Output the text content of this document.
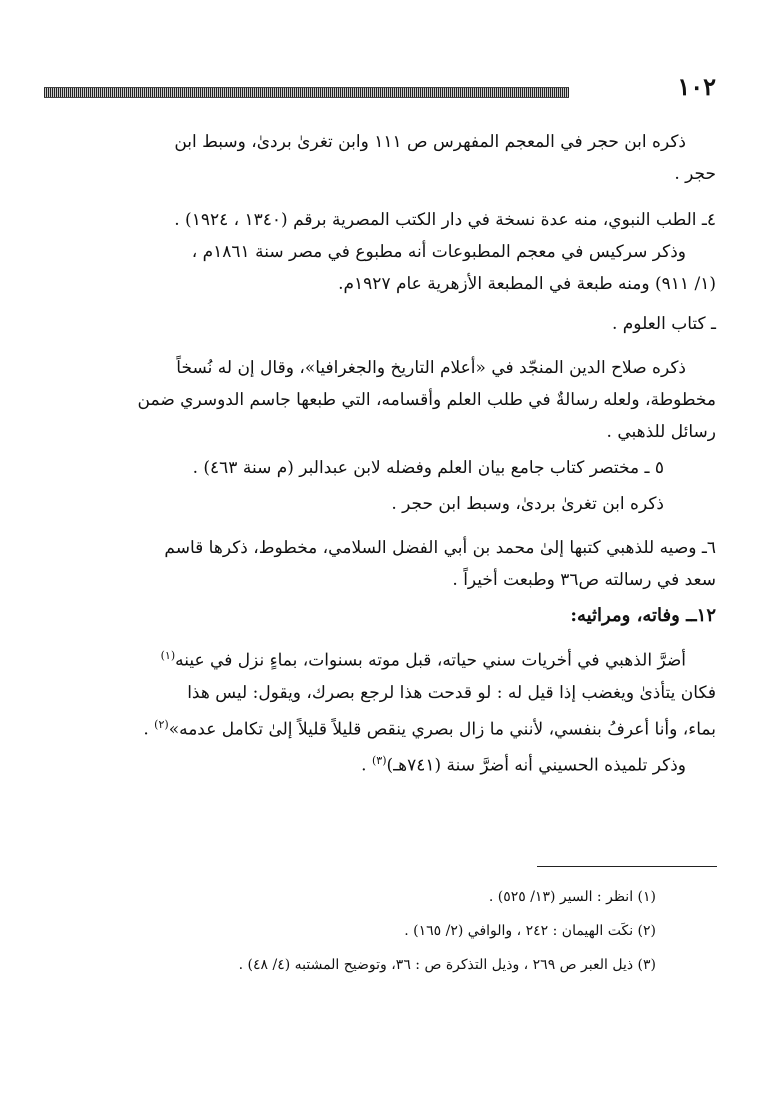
١٠٢
ذكره ابن حجر في المعجم المفهرس ص ١١١ وابن تغرىٰ بردىٰ، وسبط ابن
حجر .
٤ـ الطب النبوي، منه عدة نسخة في دار الكتب المصرية برقم (١٣٤٠ ، ١٩٢٤) .
وذكر سركيس في معجم المطبوعات أنه مطبوع في مصر سنة ١٨٦١م ،
(١/ ٩١١) ومنه طبعة في المطبعة الأزهرية عام ١٩٢٧م.
ـ كتاب العلوم .
ذكره صلاح الدين المنجّد في «أعلام التاريخ والجغرافيا»، وقال إن له نُسخاً
مخطوطة، ولعله رسالةٌ في طلب العلم وأقسامه، التي طبعها جاسم الدوسري ضمن
رسائل للذهبي .
٥ ـ مختصر كتاب جامع بيان العلم وفضله لابن عبدالبر (م سنة ٤٦٣) .
ذكره ابن تغرىٰ بردىٰ، وسبط ابن حجر .
٦ـ وصيه للذهبي كتبها إلىٰ محمد بن أبي الفضل السلامي، مخطوط، ذكرها قاسم
سعد في رسالته ص٣٦ وطبعت أخيراً .
١٢ــ وفاته، ومراثيه:
أضرَّ الذهبي في أخريات سني حياته، قبل موته بسنوات، بماءٍ نزل في عينه$^{(١)}$
فكان يتأذىٰ ويغضب إذا قيل له : لو قدحت هذا لرجع بصرك، ويقول: ليس هذا
بماء، وأنا أعرفُ بنفسي، لأنني ما زال بصري ينقص قليلاً قليلاً إلىٰ تكامل عدمه»$^{(٢)}$ .
وذكر تلميذه الحسيني أنه أضرَّ سنة (٧٤١هـ)$^{(٣)}$ .
(١) انظر : السير (١٣/ ٥٢٥) .
(٢) نكَت الهيمان : ٢٤٢ ، والوافي (٢/ ١٦٥) .
(٣) ذيل العبر ص ٢٦٩ ، وذيل التذكرة ص : ٣٦، وتوضيح المشتبه (٤/ ٤٨) .
